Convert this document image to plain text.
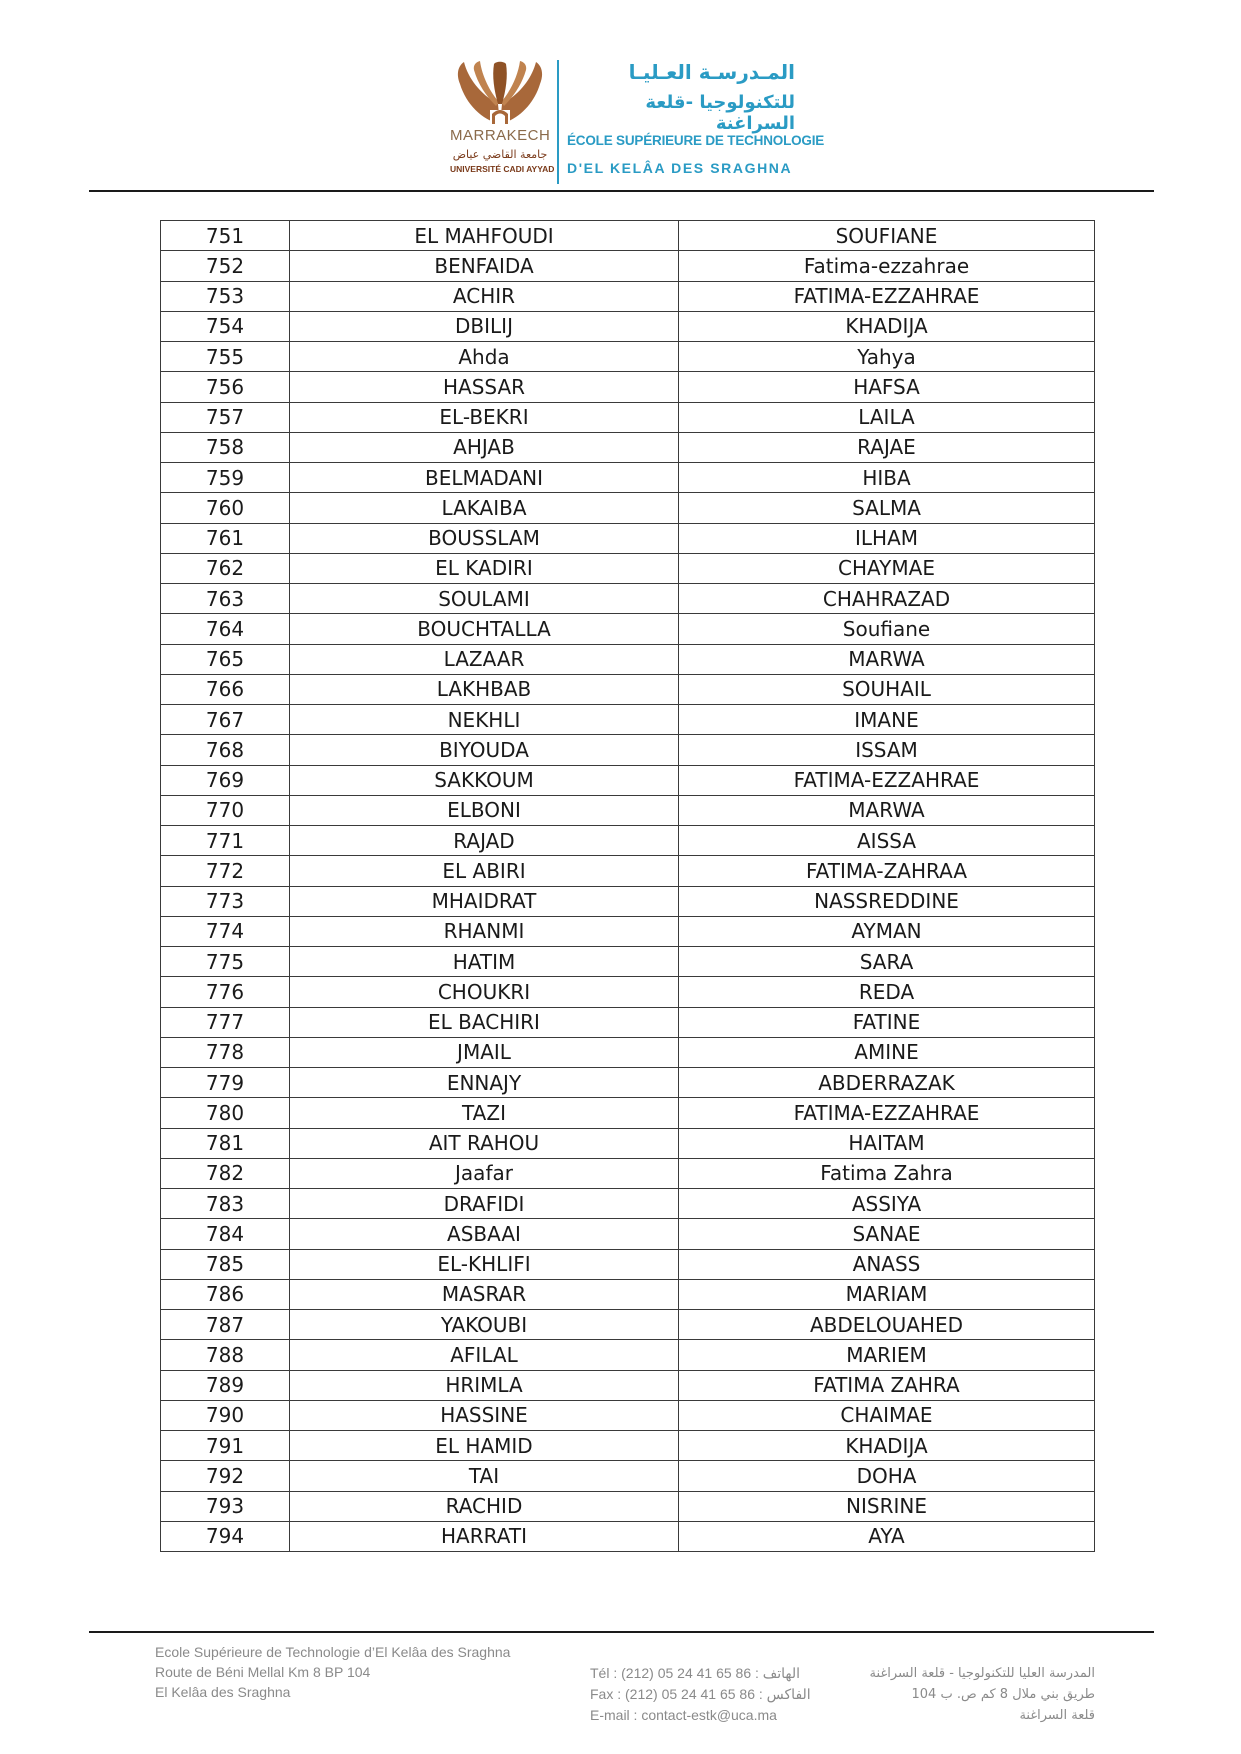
MARRAKECH
جامعة القاضي عياض
UNIVERSITÉ CADI AYYAD
المـدرسـة العـليـا
للتكنولوجيا -قلعة السراغنة
ÉCOLE SUPÉRIEURE DE TECHNOLOGIE
D'EL KELÂA DES SRAGHNA
751	EL MAHFOUDI	SOUFIANE
752	BENFAIDA	Fatima-ezzahrae
753	ACHIR	FATIMA-EZZAHRAE
754	DBILIJ	KHADIJA
755	Ahda	Yahya
756	HASSAR	HAFSA
757	EL-BEKRI	LAILA
758	AHJAB	RAJAE
759	BELMADANI	HIBA
760	LAKAIBA	SALMA
761	BOUSSLAM	ILHAM
762	EL KADIRI	CHAYMAE
763	SOULAMI	CHAHRAZAD
764	BOUCHTALLA	Soufiane
765	LAZAAR	MARWA
766	LAKHBAB	SOUHAIL
767	NEKHLI	IMANE
768	BIYOUDA	ISSAM
769	SAKKOUM	FATIMA-EZZAHRAE
770	ELBONI	MARWA
771	RAJAD	AISSA
772	EL ABIRI	FATIMA-ZAHRAA
773	MHAIDRAT	NASSREDDINE
774	RHANMI	AYMAN
775	HATIM	SARA
776	CHOUKRI	REDA
777	EL BACHIRI	FATINE
778	JMAIL	AMINE
779	ENNAJY	ABDERRAZAK
780	TAZI	FATIMA-EZZAHRAE
781	AIT RAHOU	HAITAM
782	Jaafar	Fatima Zahra
783	DRAFIDI	ASSIYA
784	ASBAAI	SANAE
785	EL-KHLIFI	ANASS
786	MASRAR	MARIAM
787	YAKOUBI	ABDELOUAHED
788	AFILAL	MARIEM
789	HRIMLA	FATIMA ZAHRA
790	HASSINE	CHAIMAE
791	EL HAMID	KHADIJA
792	TAI	DOHA
793	RACHID	NISRINE
794	HARRATI	AYA
Ecole Supérieure de Technologie d’El Kelâa des Sraghna
Route de Béni Mellal Km 8 BP 104
El Kelâa des Sraghna
Tél : (212) 05 24 41 65 86 : الهاتف
Fax : (212) 05 24 41 65 86 : الفاكس
E-mail : contact-estk@uca.ma
المدرسة العليا للتكنولوجيا - قلعة السراغنة
طريق بني ملال 8 كم ص. ب 104
قلعة السراغنة
